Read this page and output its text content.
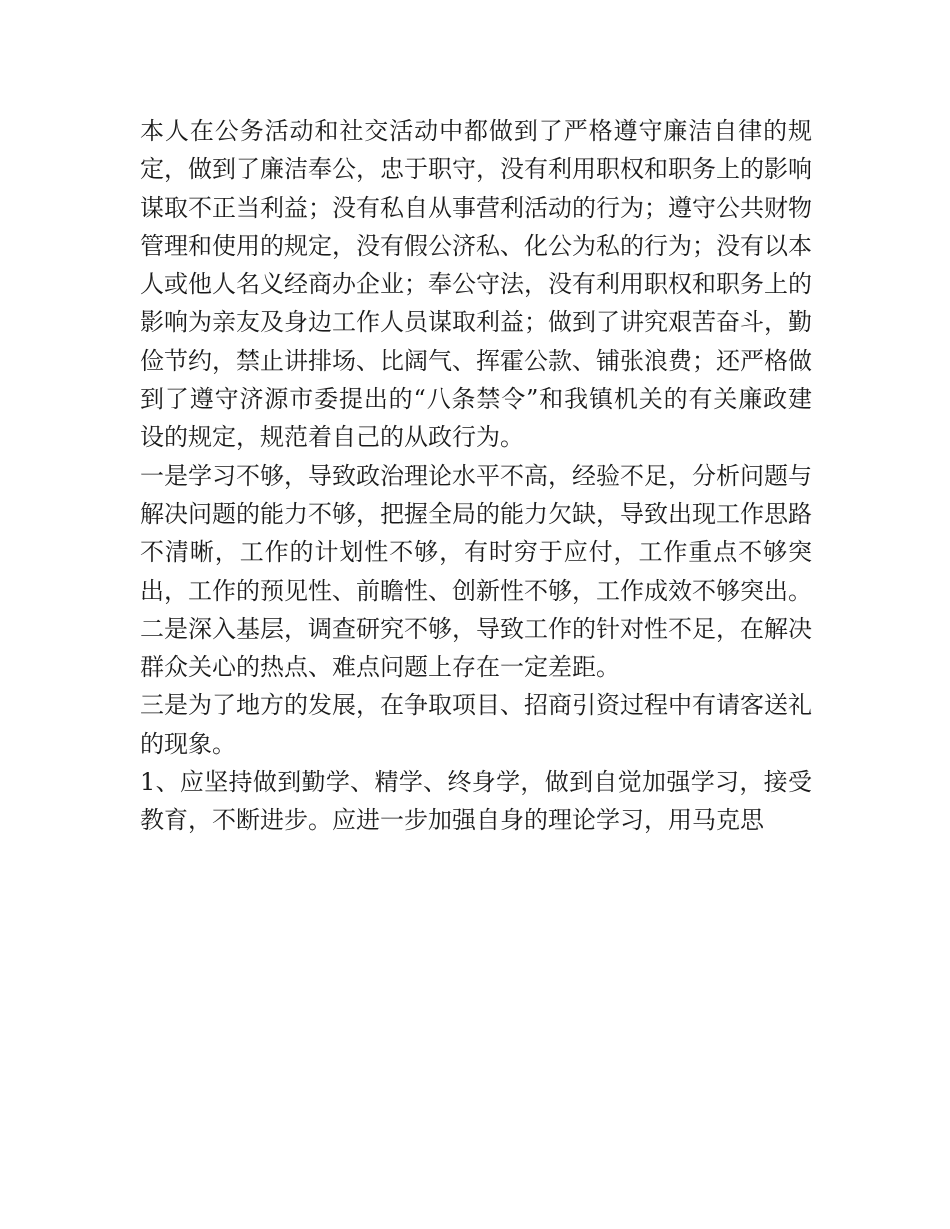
本人在公务活动和社交活动中都做到了严格遵守廉洁自律的规定，做到了廉洁奉公，忠于职守，没有利用职权和职务上的影响谋取不正当利益；没有私自从事营利活动的行为；遵守公共财物管理和使用的规定，没有假公济私、化公为私的行为；没有以本人或他人名义经商办企业；奉公守法，没有利用职权和职务上的影响为亲友及身边工作人员谋取利益；做到了讲究艰苦奋斗，勤俭节约，禁止讲排场、比阔气、挥霍公款、铺张浪费；还严格做到了遵守济源市委提出的“八条禁令”和我镇机关的有关廉政建设的规定，规范着自己的从政行为。

一是学习不够，导致政治理论水平不高，经验不足，分析问题与解决问题的能力不够，把握全局的能力欠缺，导致出现工作思路不清晰，工作的计划性不够，有时穷于应付，工作重点不够突出，工作的预见性、前瞻性、创新性不够，工作成效不够突出。

二是深入基层，调查研究不够，导致工作的针对性不足，在解决群众关心的热点、难点问题上存在一定差距。

三是为了地方的发展，在争取项目、招商引资过程中有请客送礼的现象。

1、应坚持做到勤学、精学、终身学，做到自觉加强学习，接受教育，不断进步。应进一步加强自身的理论学习，用马克思
